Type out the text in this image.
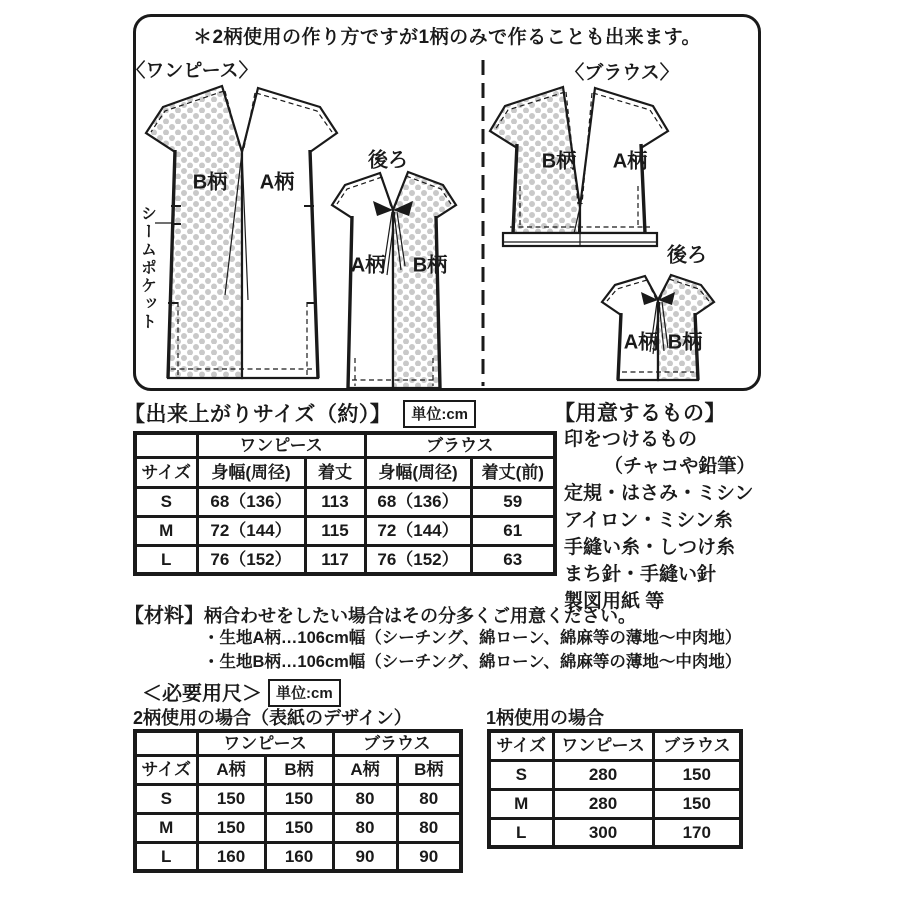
＊2柄使用の作り方ですが1柄のみで作ることも出来ます。
〈ワンピース〉	〈ブラウス〉
B柄 A柄
後ろ
A柄 B柄
B柄 A柄
後ろ
A柄 B柄
シームポケット
【出来上がりサイズ（約）】 単位:cm
	ワンピース		ブラウス	
サイズ	身幅(周径)	着丈	身幅(周径)	着丈(前)
S	68（136）	113	68（136）	59
M	72（144）	115	72（144）	61
L	76（152）	117	76（152）	63
【用意するもの】
印をつけるもの
（チャコや鉛筆）
定規・はさみ・ミシン
アイロン・ミシン糸
手縫い糸・しつけ糸
まち針・手縫い針
製図用紙 等
【材料】柄合わせをしたい場合はその分多くご用意ください。
・生地A柄…106cm幅（シーチング、綿ローン、綿麻等の薄地～中肉地）
・生地B柄…106cm幅（シーチング、綿ローン、綿麻等の薄地～中肉地）
＜必要用尺＞ 単位:cm
2柄使用の場合（表紙のデザイン）	1柄使用の場合
	ワンピース		ブラウス	
サイズ	A柄	B柄	A柄	B柄
S	150	150	80	80
M	150	150	80	80
L	160	160	90	90
サイズ	ワンピース	ブラウス
S	280	150
M	280	150
L	300	170
